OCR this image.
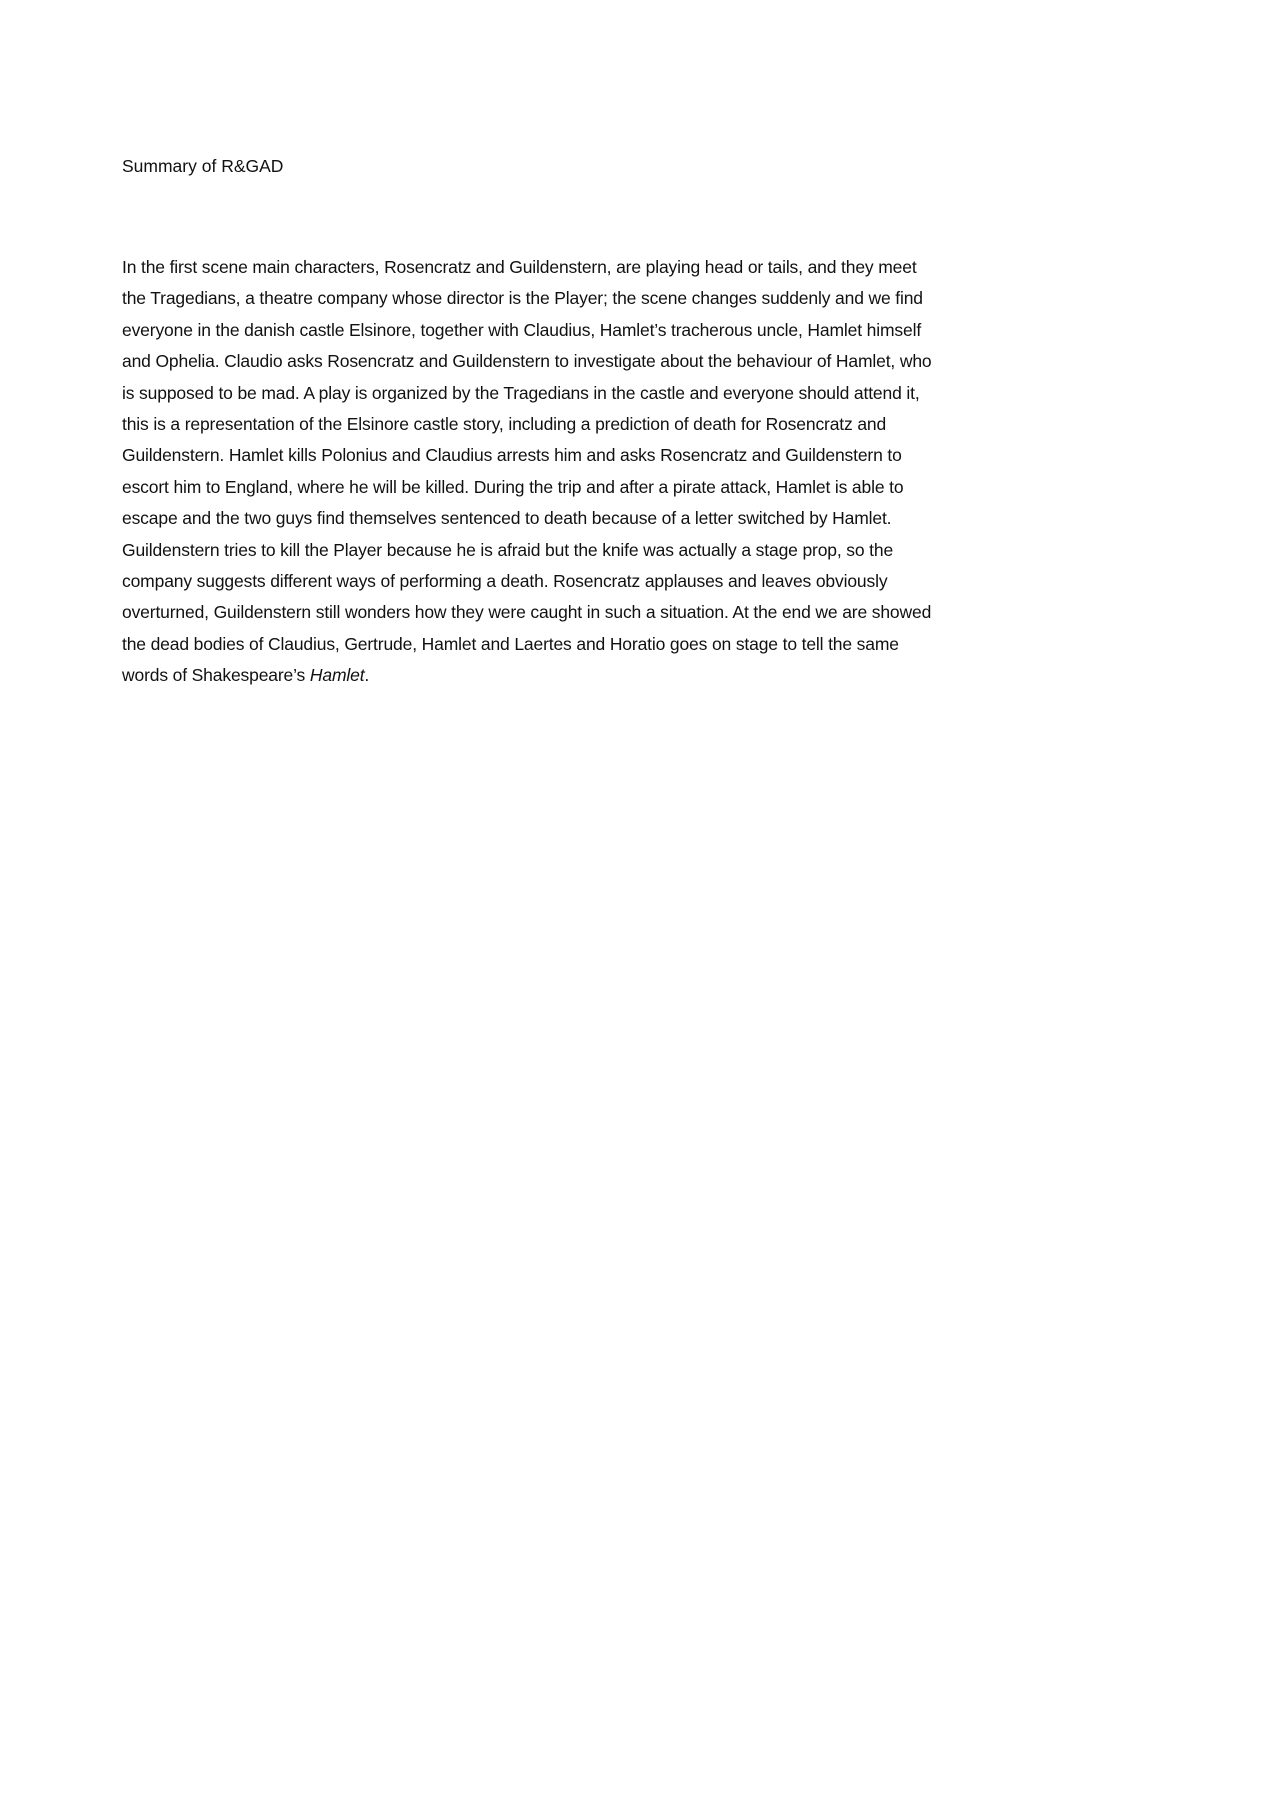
Summary of R&GAD
In the first scene main characters, Rosencratz and Guildenstern, are playing head or tails, and they meet
the Tragedians, a theatre company whose director is the Player; the scene changes suddenly and we find
everyone in the danish castle Elsinore, together with Claudius, Hamlet’s tracherous uncle, Hamlet himself
and Ophelia. Claudio asks Rosencratz and Guildenstern to investigate about the behaviour of Hamlet, who
is supposed to be mad. A play is organized by the Tragedians in the castle and everyone should attend it,
this is a representation of the Elsinore castle story, including a prediction of death for Rosencratz and
Guildenstern. Hamlet kills Polonius and Claudius arrests him and asks Rosencratz and Guildenstern to
escort him to England, where he will be killed. During the trip and after a pirate attack, Hamlet is able to
escape and the two guys find themselves sentenced to death because of a letter switched by Hamlet.
Guildenstern tries to kill the Player because he is afraid but the knife was actually a stage prop, so the
company suggests different ways of performing a death. Rosencratz applauses and leaves obviously
overturned, Guildenstern still wonders how they were caught in such a situation. At the end we are showed
the dead bodies of Claudius, Gertrude, Hamlet and Laertes and Horatio goes on stage to tell the same
words of Shakespeare’s Hamlet.
